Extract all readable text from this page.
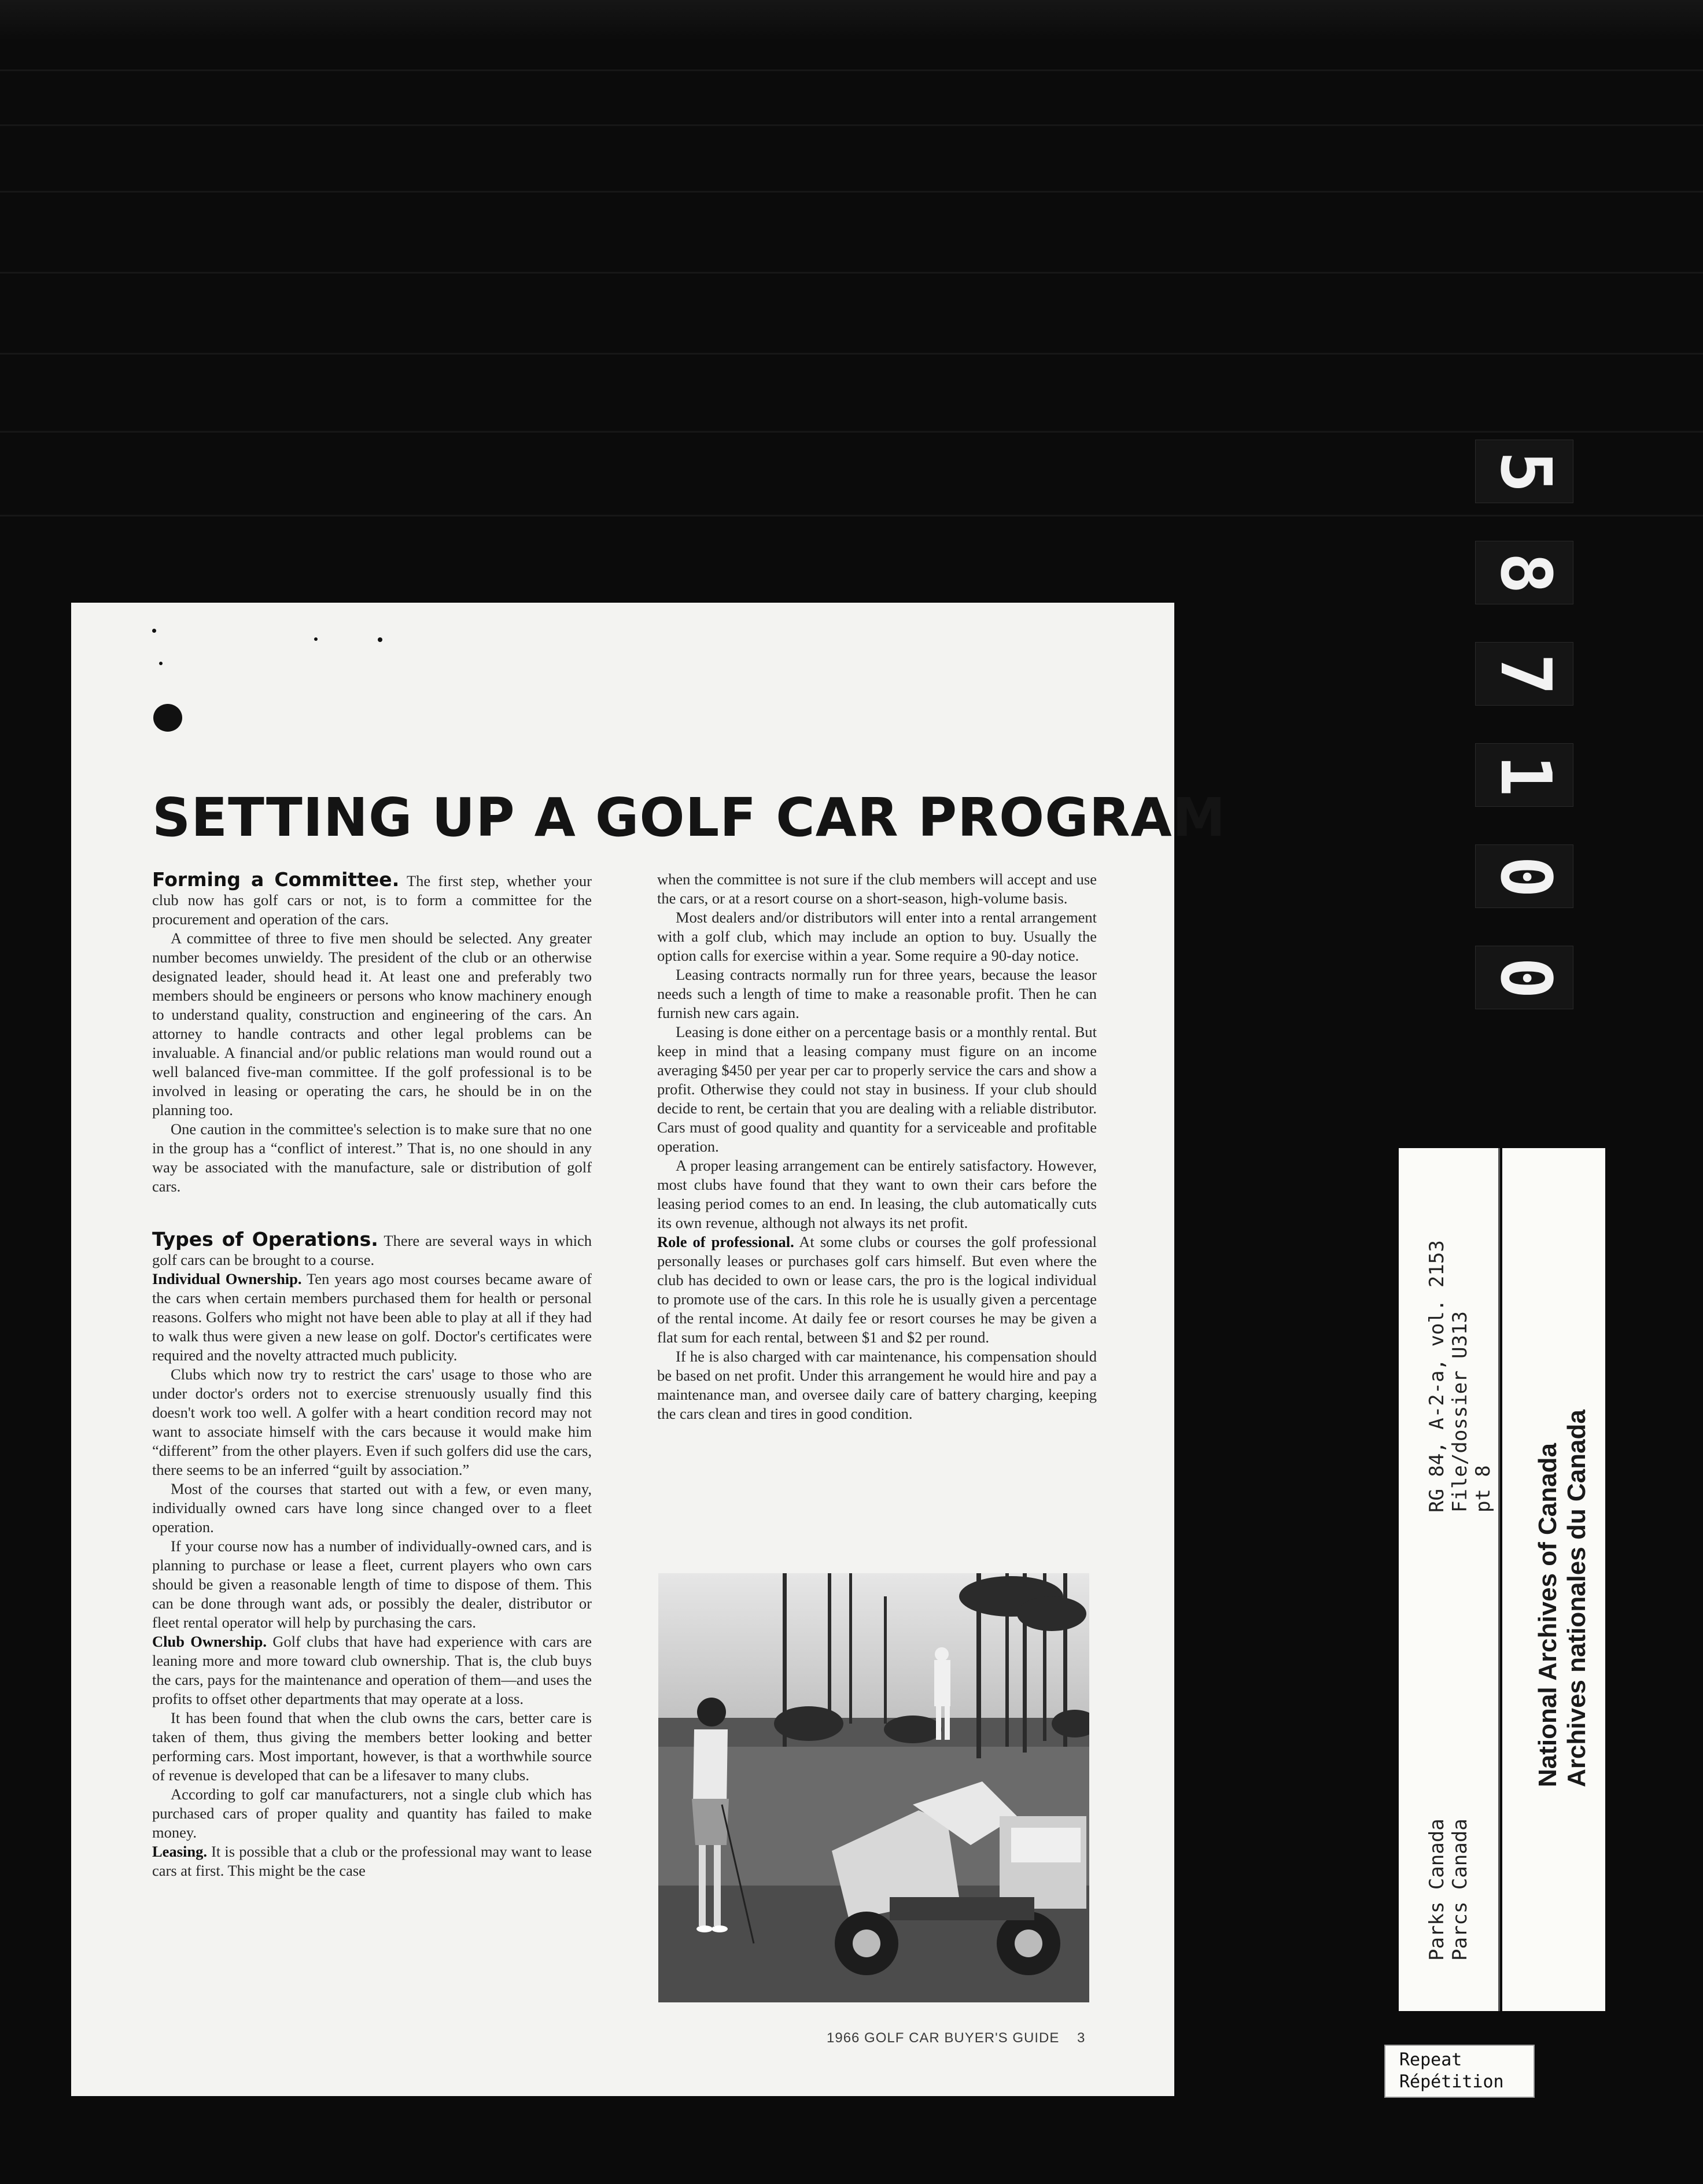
5
8
7
1
0
0
SETTING UP A GOLF CAR PROGRAM

Forming a Committee. The first step, whether your club now has golf cars or not, is to form a committee for the procurement and operation of the cars.

A committee of three to five men should be selected. Any greater number becomes unwieldy. The president of the club or an otherwise designated leader, should head it. At least one and preferably two members should be engineers or persons who know machinery enough to understand quality, construction and engineering of the cars. An attorney to handle contracts and other legal problems can be invaluable. A financial and/or public relations man would round out a well balanced five-man committee. If the golf professional is to be involved in leasing or operating the cars, he should be in on the planning too.

One caution in the committee's selection is to make sure that no one in the group has a “conflict of interest.” That is, no one should in any way be associated with the manufacture, sale or distribution of golf cars.

Types of Operations. There are several ways in which golf cars can be brought to a course.

Individual Ownership. Ten years ago most courses became aware of the cars when certain members purchased them for health or personal reasons. Golfers who might not have been able to play at all if they had to walk thus were given a new lease on golf. Doctor's certificates were required and the novelty attracted much publicity.

Clubs which now try to restrict the cars' usage to those who are under doctor's orders not to exercise strenuously usually find this doesn't work too well. A golfer with a heart condition record may not want to associate himself with the cars because it would make him “different” from the other players. Even if such golfers did use the cars, there seems to be an inferred “guilt by association.”

Most of the courses that started out with a few, or even many, individually owned cars have long since changed over to a fleet operation.

If your course now has a number of individually-owned cars, and is planning to purchase or lease a fleet, current players who own cars should be given a reasonable length of time to dispose of them. This can be done through want ads, or possibly the dealer, distributor or fleet rental operator will help by purchasing the cars.

Club Ownership. Golf clubs that have had experience with cars are leaning more and more toward club ownership. That is, the club buys the cars, pays for the maintenance and operation of them—and uses the profits to offset other departments that may operate at a loss.

It has been found that when the club owns the cars, better care is taken of them, thus giving the members better looking and better performing cars. Most important, however, is that a worthwhile source of revenue is developed that can be a lifesaver to many clubs.

According to golf car manufacturers, not a single club which has purchased cars of proper quality and quantity has failed to make money.

Leasing. It is possible that a club or the professional may want to lease cars at first. This might be the case

when the committee is not sure if the club members will accept and use the cars, or at a resort course on a short-season, high-volume basis.

Most dealers and/or distributors will enter into a rental arrangement with a golf club, which may include an option to buy. Usually the option calls for exercise within a year. Some require a 90-day notice.

Leasing contracts normally run for three years, because the leasor needs such a length of time to make a reasonable profit. Then he can furnish new cars again.

Leasing is done either on a percentage basis or a monthly rental. But keep in mind that a leasing company must figure on an income averaging $450 per year per car to properly service the cars and show a profit. Otherwise they could not stay in business. If your club should decide to rent, be certain that you are dealing with a reliable distributor. Cars must of good quality and quantity for a serviceable and profitable operation.

A proper leasing arrangement can be entirely satisfactory. However, most clubs have found that they want to own their cars before the leasing period comes to an end. In leasing, the club automatically cuts its own revenue, although not always its net profit.

Role of professional. At some clubs or courses the golf professional personally leases or purchases golf cars himself. But even where the club has decided to own or lease cars, the pro is the logical individual to promote use of the cars. In this role he is usually given a percentage of the rental income. At daily fee or resort courses he may be given a flat sum for each rental, between $1 and $2 per round.

If he is also charged with car maintenance, his compensation should be based on net profit. Under this arrangement he would hire and pay a maintenance man, and oversee daily care of battery charging, keeping the cars clean and tires in good condition.

1966 GOLF CAR BUYER'S GUIDE 3
RG 84, A-2-a, vol. 2153 File/dossier U313 pt 8
Parks Canada Parcs Canada
National Archives of Canada Archives nationales du Canada
Repeat
Répétition
